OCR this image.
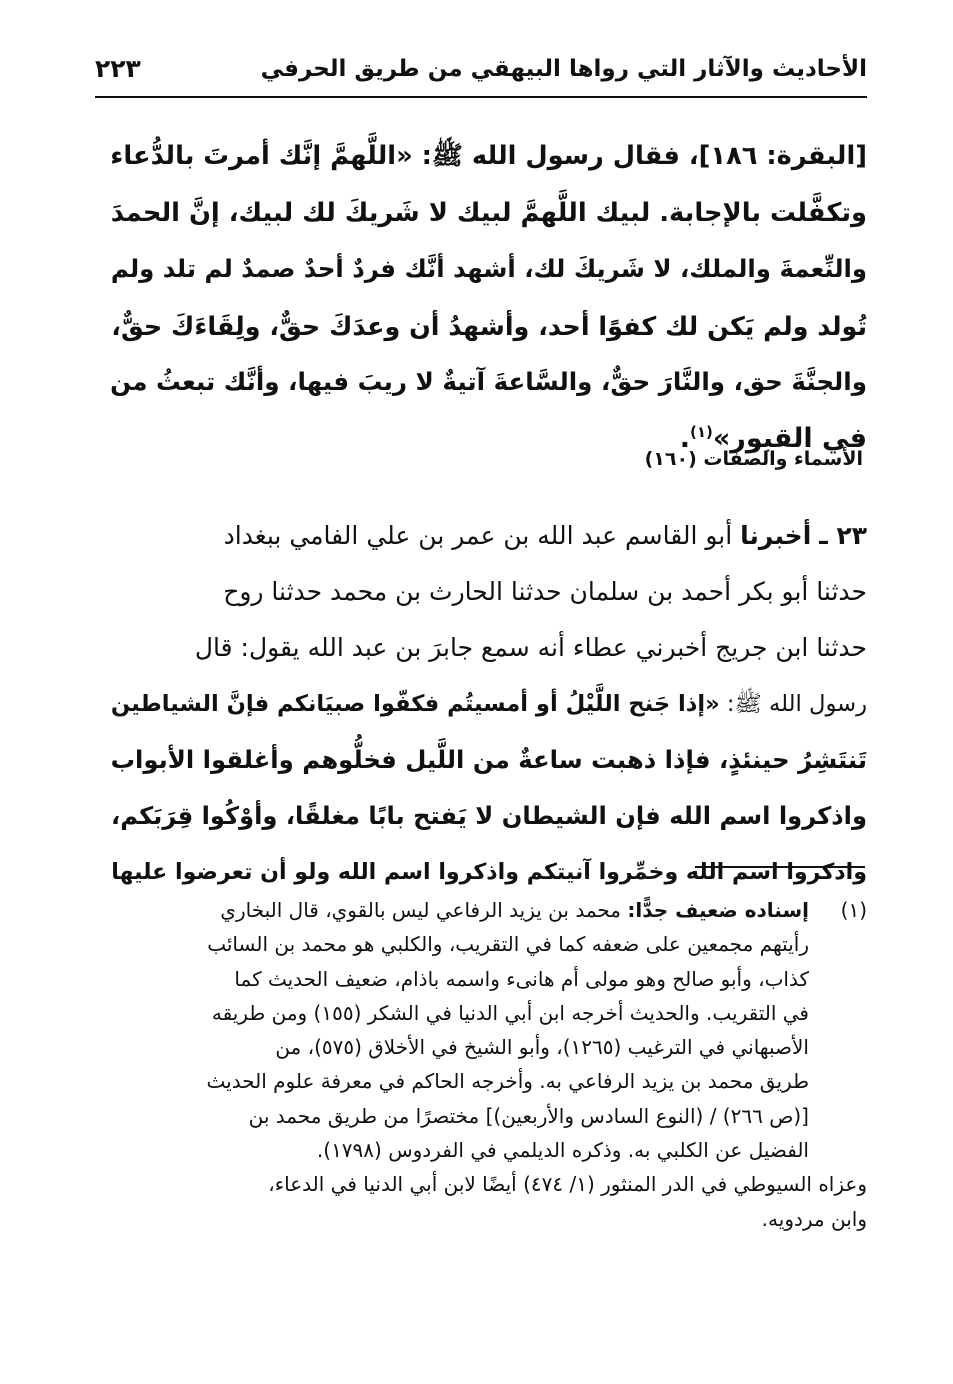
الأحاديث والآثار التي رواها البيهقي من طريق الحرفي
٢٢٣
[البقرة: ١٨٦]، فقال رسول الله ﷺ: «اللَّهمَّ إنَّك أمرتَ بالدُّعاء
وتكفَّلت بالإجابة. لبيك اللَّهمَّ لبيك لا شَريكَ لك لبيك، إنَّ الحمدَ
والنِّعمةَ والملك، لا شَريكَ لك، أشهد أنَّك فردٌ أحدٌ صمدٌ لم تلد ولم
تُولد ولم يَكن لك كفوًا أحد، وأشهدُ أن وعدَكَ حقٌّ، ولِقَاءَكَ حقٌّ،
والجنَّةَ حق، والنَّارَ حقٌّ، والسَّاعةَ آتيةٌ لا ريبَ فيها، وأنَّك تبعثُ من
في القبور»$^{(١)}$.
الأسماء والصفات (١٦٠)
٢٣ ـ أخبرنا أبو القاسم عبد الله بن عمر بن علي الفامي ببغداد
حدثنا أبو بكر أحمد بن سلمان حدثنا الحارث بن محمد حدثنا روح
حدثنا ابن جريج أخبرني عطاء أنه سمع جابرَ بن عبد الله يقول: قال
رسول الله ﷺ: «إذا جَنح اللَّيْلُ أو أمسيتُم فكفّوا صبيَانكم فإنَّ الشياطين
تَنتَشِرُ حينئذٍ، فإذا ذهبت ساعةٌ من اللَّيل فخلُّوهم وأغلقوا الأبواب
واذكروا اسم الله فإن الشيطان لا يَفتح بابًا مغلقًا، وأوْكُوا قِرَبَكم،
واذكروا اسم الله وخمِّروا آنيتكم واذكروا اسم الله ولو أن تعرضوا عليها
(١)
إسناده ضعيف جدًّا: محمد بن يزيد الرفاعي ليس بالقوي، قال البخاري
رأيتهم مجمعين على ضعفه كما في التقريب، والكلبي هو محمد بن السائب
كذاب، وأبو صالح وهو مولى أم هانىء واسمه باذام، ضعيف الحديث كما
في التقريب. والحديث أخرجه ابن أبي الدنيا في الشكر (١٥٥) ومن طريقه
الأصبهاني في الترغيب (١٢٦٥)، وأبو الشيخ في الأخلاق (٥٧٥)، من
طريق محمد بن يزيد الرفاعي به. وأخرجه الحاكم في معرفة علوم الحديث
[(ص ٢٦٦) / (النوع السادس والأربعين)] مختصرًا من طريق محمد بن
الفضيل عن الكلبي به. وذكره الديلمي في الفردوس (١٧٩٨).
وعزاه السيوطي في الدر المنثور (١/ ٤٧٤) أيضًا لابن أبي الدنيا في الدعاء،
وابن مردويه.
